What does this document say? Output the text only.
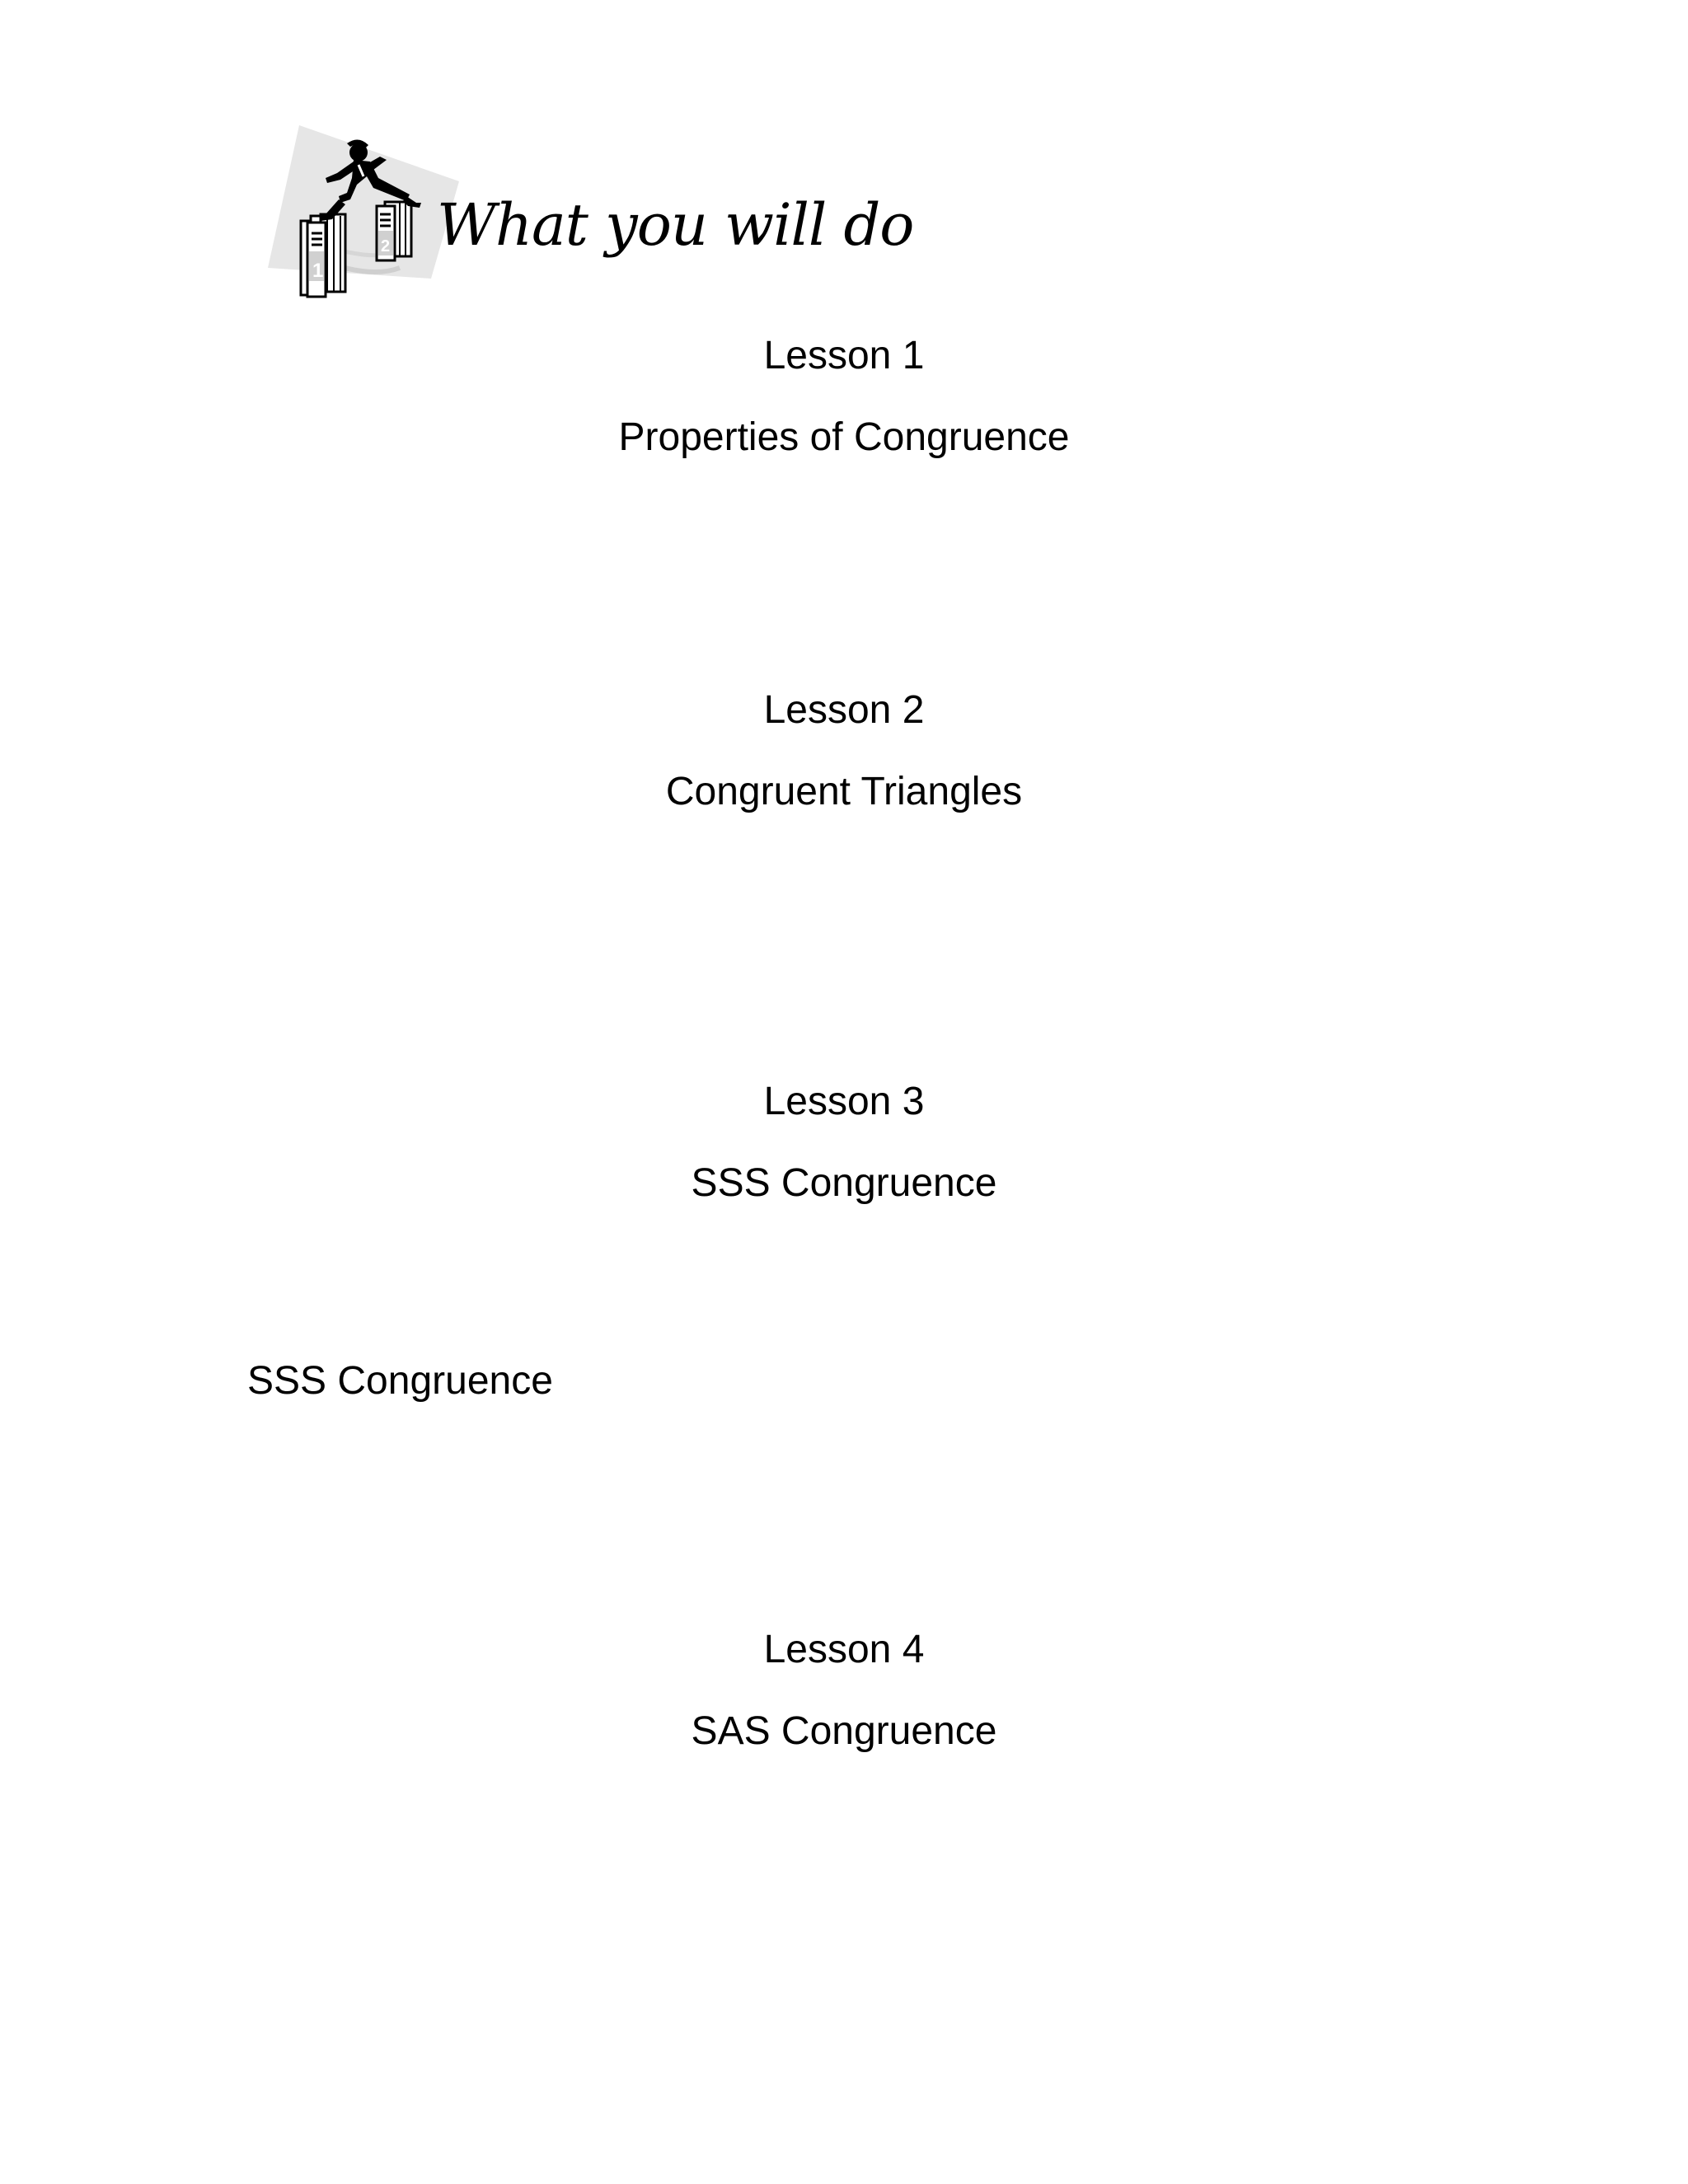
1
2 What you will do
Lesson 1
Properties of Congruence
Lesson 2
Congruent Triangles
Lesson 3
SSS Congruence
SSS Congruence
Lesson 4
SAS Congruence
